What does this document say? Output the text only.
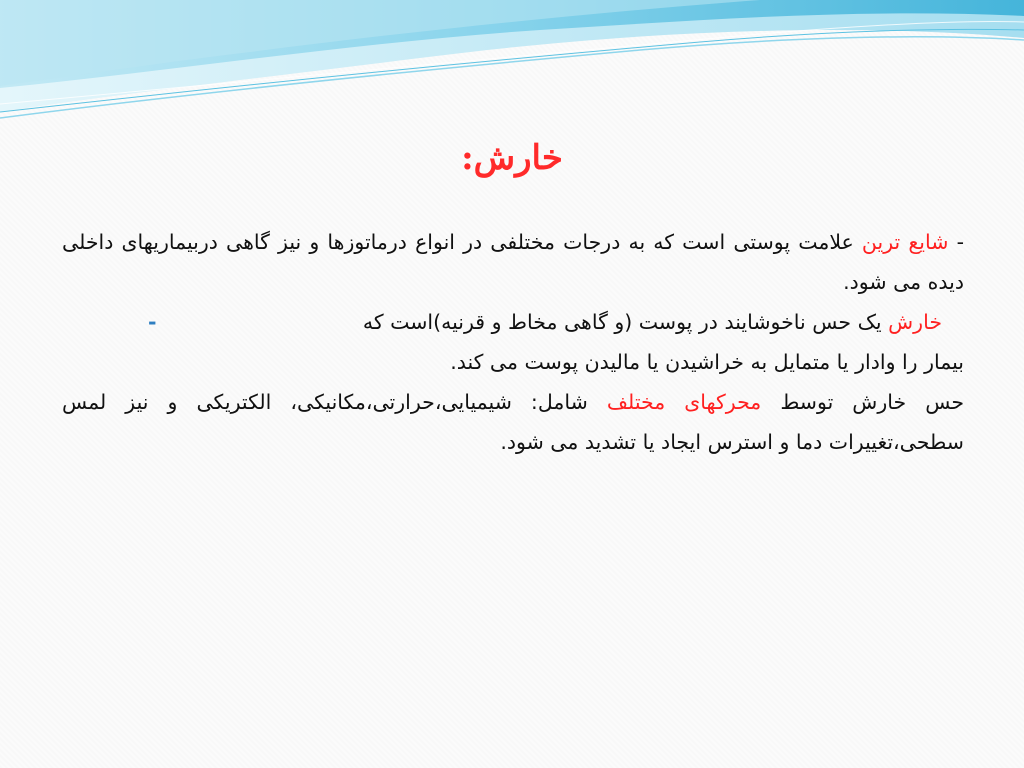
خارش:

- شایع ترین علامت پوستی است که به درجات مختلفی در انواع درماتوزها و نیز گاهی دربیماریهای داخلی دیده می شود.

خارش یک حس ناخوشایند در پوست (و گاهی مخاط و قرنیه)است که
-

بیمار را وادار یا متمایل به خراشیدن یا مالیدن پوست می کند.

حس خارش توسط محرکهای مختلف شامل: شیمیایی،حرارتی،مکانیکی، الکتریکی و نیز لمس سطحی،تغییرات دما و استرس ایجاد یا تشدید می شود.
